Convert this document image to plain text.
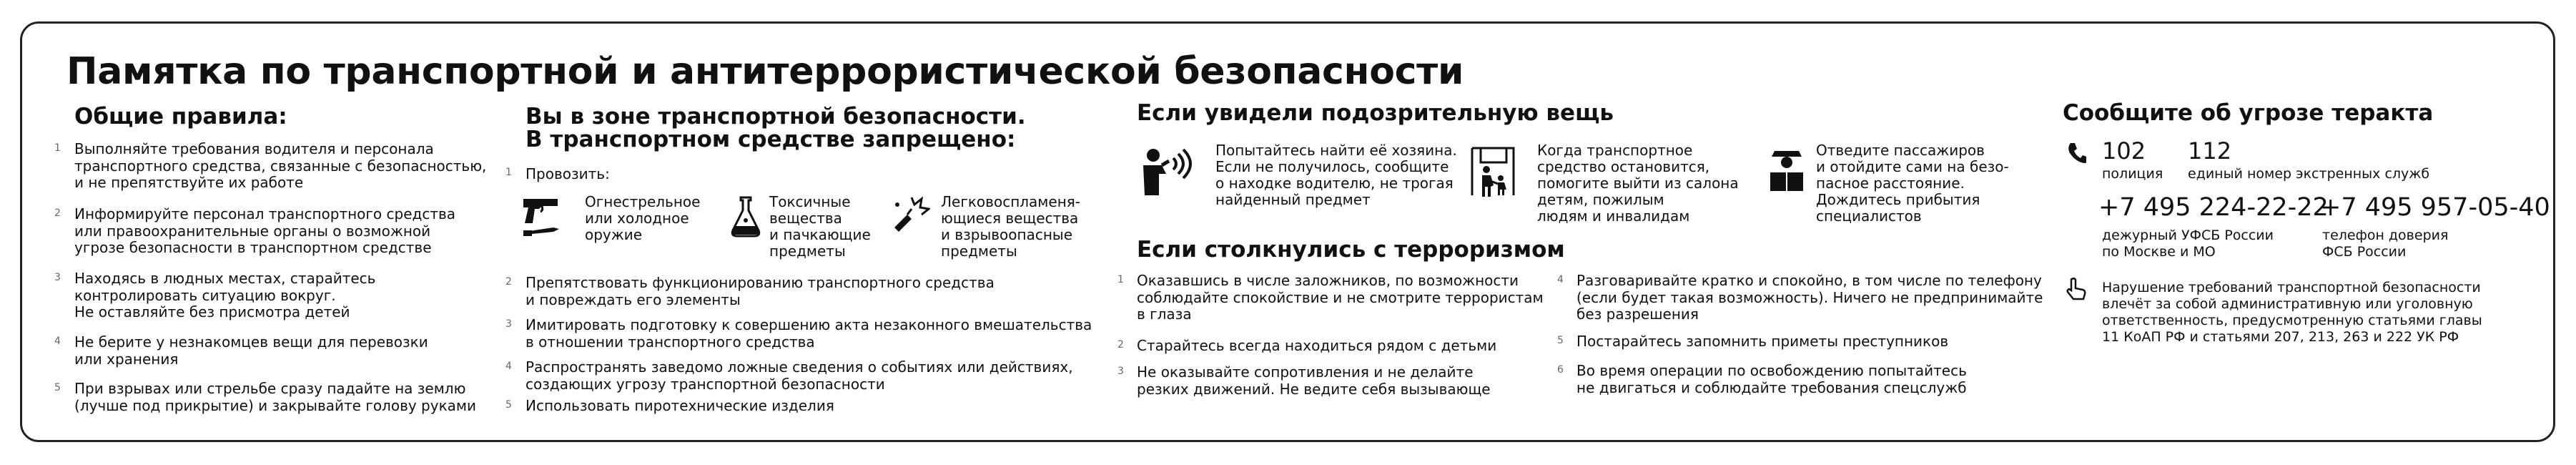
Памятка по транспортной и антитеррористической безопасности
Общие правила:
1 Выполняйте требования водителя и персонала
транспортного средства, связанные с безопасностью,
и не препятствуйте их работе
2 Информируйте персонал транспортного средства
или правоохранительные органы о возможной
угрозе безопасности в транспортном средстве
3 Находясь в людных местах, старайтесь
контролировать ситуацию вокруг.
Не оставляйте без присмотра детей
4 Не берите у незнакомцев вещи для перевозки
или хранения
5 При взрывах или стрельбе сразу падайте на землю
(лучше под прикрытие) и закрывайте голову руками
Вы в зоне транспортной безопасности.
В транспортном средстве запрещено:
1 Провозить:
Огнестрельное
или холодное
оружие
Токсичные
вещества
и пачкающие
предметы
Легковоспламеня-
ющиеся вещества
и взрывоопасные
предметы
2 Препятствовать функционированию транспортного средства
и повреждать его элементы
3 Имитировать подготовку к совершению акта незаконного вмешательства
в отношении транспортного средства
4 Распространять заведомо ложные сведения о событиях или действиях,
создающих угрозу транспортной безопасности
5 Использовать пиротехнические изделия
Если увидели подозрительную вещь
Попытайтесь найти её хозяина.
Если не получилось, сообщите
о находке водителю, не трогая
найденный предмет
Когда транспортное
средство остановится,
помогите выйти из салона
детям, пожилым
людям и инвалидам
Отведите пассажиров
и отойдите сами на безо-
пасное расстояние.
Дождитесь прибытия
специалистов
Если столкнулись с терроризмом
1 Оказавшись в числе заложников, по возможности
соблюдайте спокойствие и не смотрите террористам
в глаза
2 Старайтесь всегда находиться рядом с детьми
3 Не оказывайте сопротивления и не делайте
резких движений. Не ведите себя вызывающе
4 Разговаривайте кратко и спокойно, в том числе по телефону
(если будет такая возможность). Ничего не предпринимайте
без разрешения
5 Постарайтесь запомнить приметы преступников
6 Во время операции по освобождению попытайтесь
не двигаться и соблюдайте требования спецслужб
Сообщите об угрозе теракта
102
полиция
112
единый номер экстренных служб
+7 495 224-22-22
дежурный УФСБ России
по Москве и МО
+7 495 957-05-40
телефон доверия
ФСБ России
Нарушение требований транспортной безопасности
влечёт за собой административную или уголовную
ответственность, предусмотренную статьями главы
11 КоАП РФ и статьями 207, 213, 263 и 222 УК РФ
